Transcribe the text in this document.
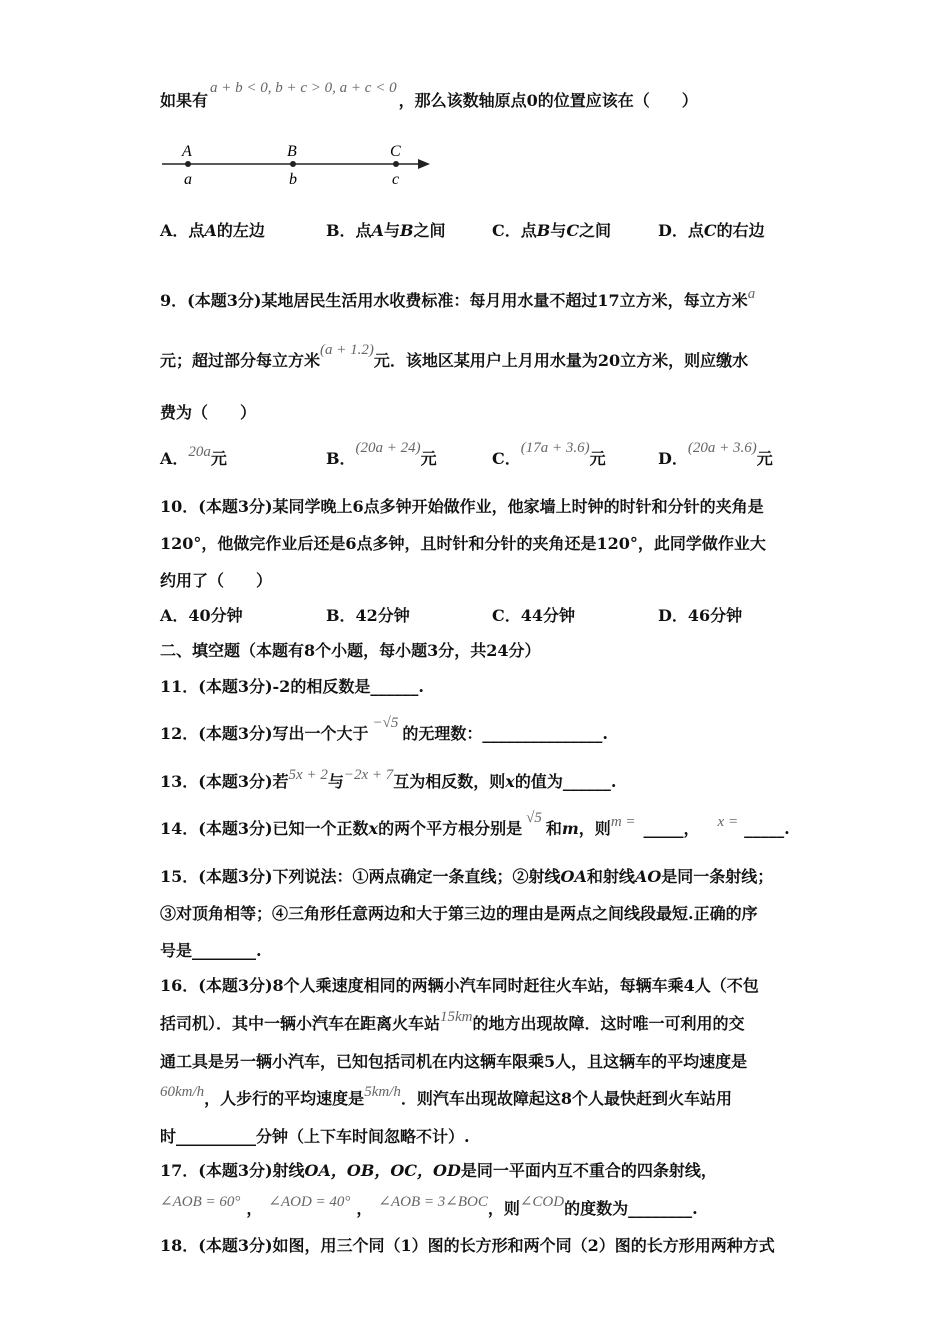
如果有a + b < 0, b + c > 0, a + c < 0，那么该数轴原点0的位置应该在（　　）
A	B	C
a	b	c
A．点A的左边	B．点A与B之间	C．点B与C之间	D．点C的右边
9．(本题3分)某地居民生活用水收费标准：每月用水量不超过17立方米，每立方米a
元；超过部分每立方米(a + 1.2)元．该地区某用户上月用水量为20立方米，则应缴水
费为（　　）
A．20a元	B．(20a + 24)元	C．(17a + 3.6)元	D．(20a + 3.6)元
10．(本题3分)某同学晚上6点多钟开始做作业，他家墙上时钟的时针和分针的夹角是
120°，他做完作业后还是6点多钟，且时针和分针的夹角还是120°，此同学做作业大
约用了（　　）
A．40分钟	B．42分钟	C．44分钟	D．46分钟
二、填空题（本题有8个小题，每小题3分，共24分）
11．(本题3分)-2的相反数是______.
12．(本题3分)写出一个大于−√5的无理数：_______________.
13．(本题3分)若5x + 2与−2x + 7互为相反数，则x的值为______.
14．(本题3分)已知一个正数x的两个平方根分别是√5和m，则m = _____， x = _____.
15．(本题3分)下列说法：①两点确定一条直线；②射线OA和射线AO是同一条射线；
③对顶角相等；④三角形任意两边和大于第三边的理由是两点之间线段最短.正确的序
号是________.
16．(本题3分)8个人乘速度相同的两辆小汽车同时赶往火车站，每辆车乘4人（不包
括司机）．其中一辆小汽车在距离火车站15km的地方出现故障．这时唯一可利用的交
通工具是另一辆小汽车，已知包括司机在内这辆车限乘5人，且这辆车的平均速度是
60km/h，人步行的平均速度是5km/h．则汽车出现故障起这8个人最快赶到火车站用
时__________分钟（上下车时间忽略不计）.
17．(本题3分)射线OA，OB，OC，OD是同一平面内互不重合的四条射线，
∠AOB = 60° ， ∠AOD = 40° ， ∠AOB = 3∠BOC，则∠COD的度数为________.
18．(本题3分)如图，用三个同（1）图的长方形和两个同（2）图的长方形用两种方式
